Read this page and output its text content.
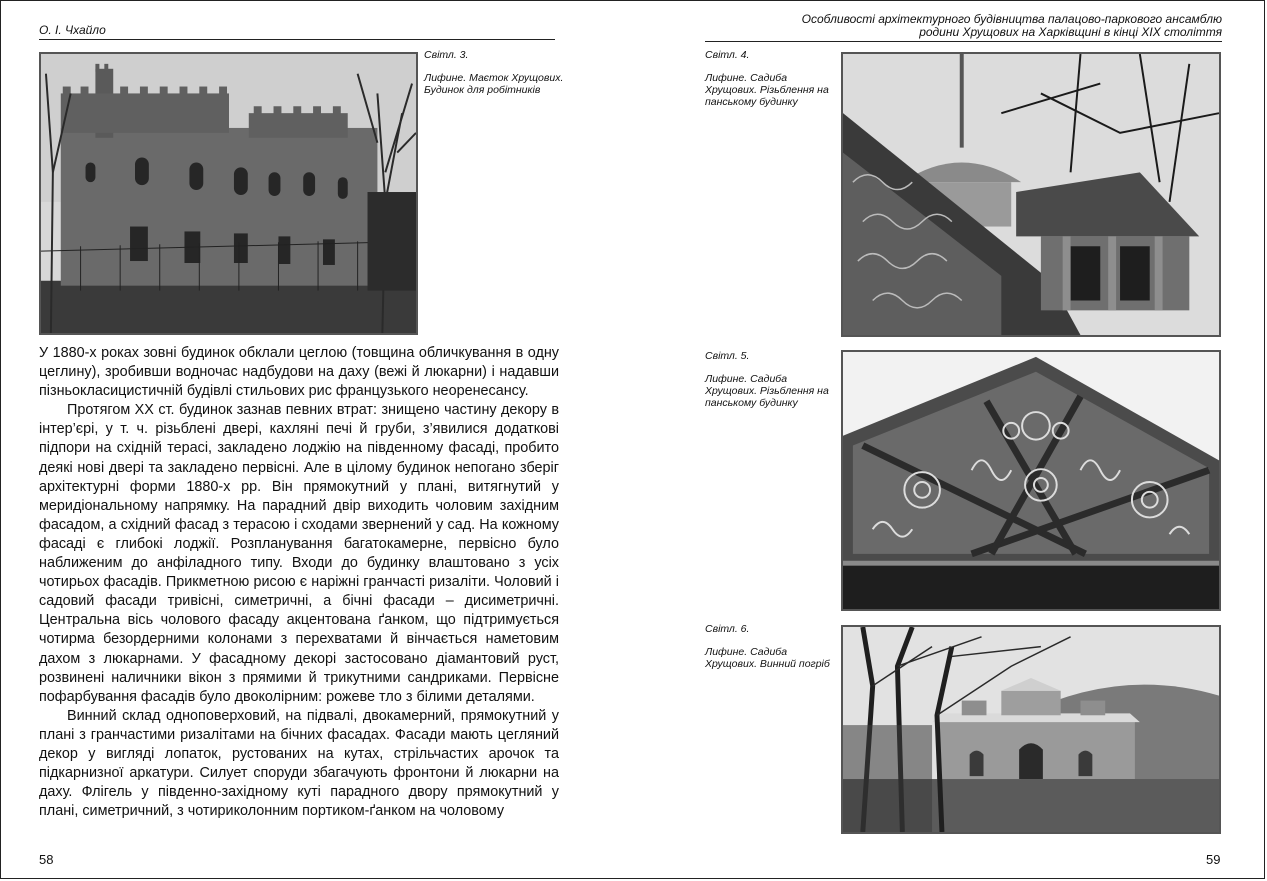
О. І. Чхайло
Світл. 3.
Лифине. Маєток Хрущових. Будинок для робітників

У 1880-х роках зовні будинок обклали цеглою (товщина обличкування в одну цеглину), зробивши водночас надбудови на даху (вежі й люкарни) і надавши пізньокласицистичній будівлі стильових рис французького неоренесансу.

Протягом ХХ ст. будинок зазнав певних втрат: знищено частину декору в інтер’єрі, у т. ч. різьблені двері, кахляні печі й груби, з’явилися додаткові підпори на східній терасі, закладено лоджію на південному фасаді, пробито деякі нові двері та закладено первісні. Але в цілому будинок непогано зберіг архітектурні форми 1880-х рр. Він прямокутний у плані, витягнутий у меридіональному напрямку. На парадний двір виходить чоловим західним фасадом, а східний фасад з терасою і сходами звернений у сад. На кожному фасаді є глибокі лоджії. Розпланування багатокамерне, первісно було наближеним до анфіладного типу. Входи до будинку влаштовано з усіх чотирьох фасадів. Прикметною рисою є наріжні гранчасті ризаліти. Чоловий і садовий фасади тривісні, симетричні, а бічні фасади – дисиметричні. Центральна вісь чолового фасаду акцентована ґанком, що підтримується чотирма безордерними колонами з перехватами й вінчається наметовим дахом з люкарнами. У фасадному декорі застосовано діамантовий руст, розвинені наличники вікон з прямими й трикутними сандриками. Первісне пофарбування фасадів було двоколірним: рожеве тло з білими деталями.

Винний склад одноповерховий, на підвалі, двокамерний, прямокутний у плані з гранчастими ризалітами на бічних фасадах. Фасади мають цегляний декор у вигляді лопаток, рустованих на кутах, стрільчастих арочок та підкарнизної аркатури. Силует споруди збагачують фронтони й люкарни на даху. Флігель у південно-західному куті парадного двору прямокутний у плані, симетричний, з чотириколонним портиком-ґанком на чоловому

58
Особливості архітектурного будівництва палацово-паркового ансамблю
родини Хрущових на Харківщині в кінці XIX століття
Світл. 4.
Лифине. Садиба Хрущових. Різьблення на панському будинку
Світл. 5.
Лифине. Садиба Хрущових. Різьблення на панському будинку
Світл. 6.
Лифине. Садиба Хрущових. Винний погріб
59
